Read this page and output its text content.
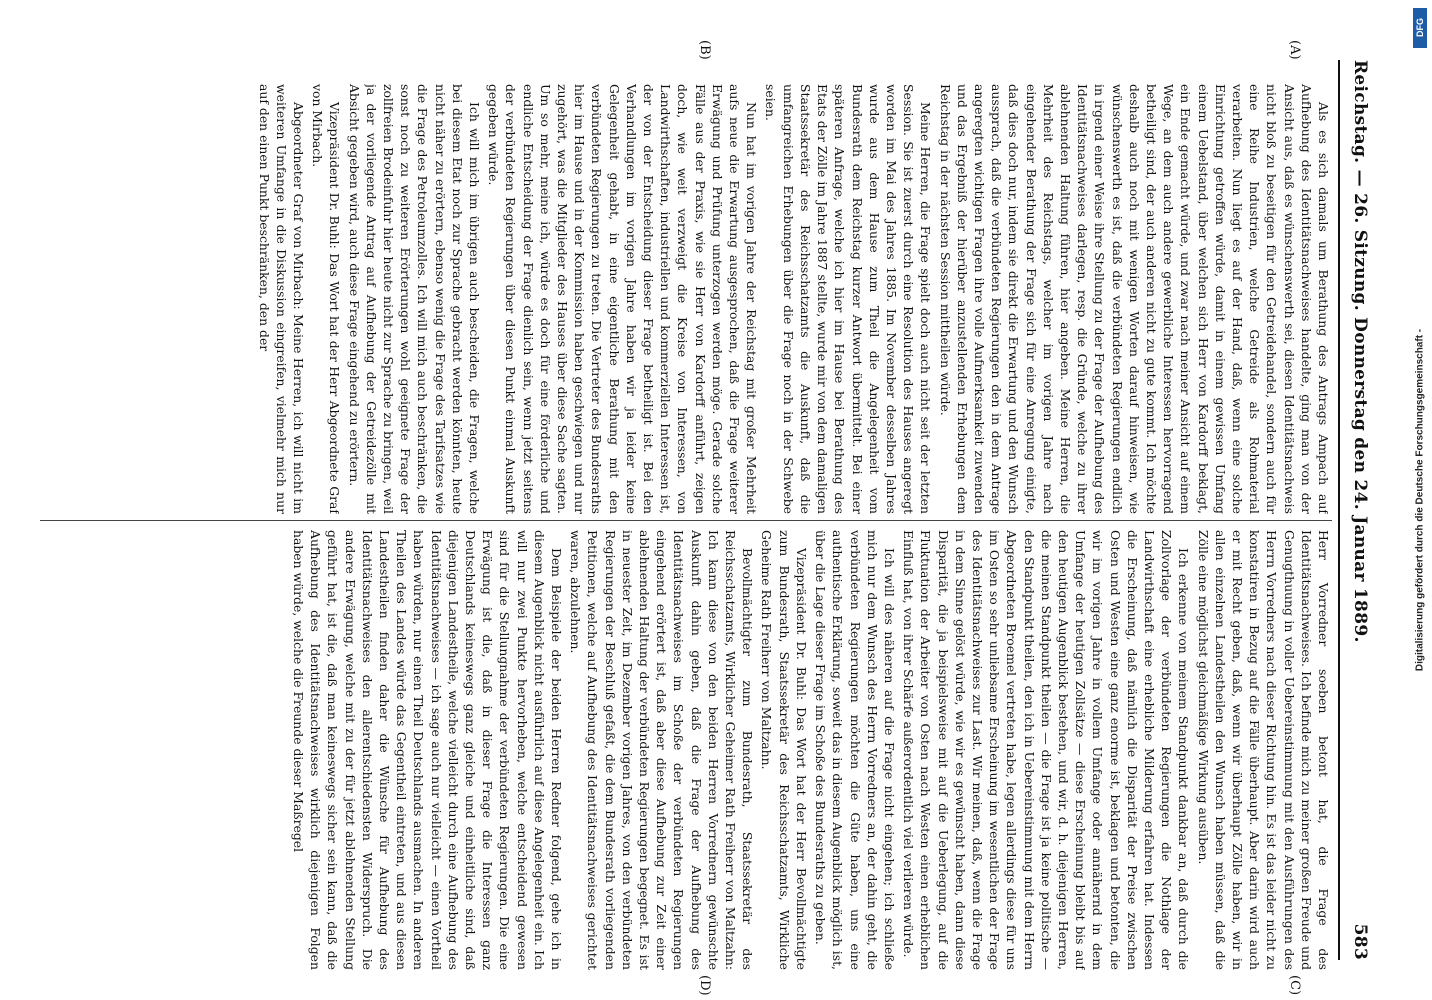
Reichstag. — 26. Sitzung. Donnerstag den 24. Januar 1889.
583
(A)
(B)
(C)
(D)

Als es sich damals um Berathung des Antrags Ampach auf Aufhebung des Identitätsnachweises handelte, ging man von der Ansicht aus, daß es wünschenswerth sei, diesen Identitätsnachweis nicht bloß zu beseitigen für den Getreidehandel, sondern auch für eine Reihe Industrien, welche Getreide als Rohmaterial verarbeiten. Nun liegt es auf der Hand, daß, wenn eine solche Einrichtung getroffen würde, damit in einem gewissen Umfang einem Uebelstand, über welchen sich Herr von Kardorff beklagt, ein Ende gemacht würde, und zwar nach meiner Ansicht auf einem Wege, an dem auch andere gewerbliche Interessen hervorragend betheiligt sind, der auch anderen nicht zu gute kommt. Ich möchte deshalb auch noch mit wenigen Worten darauf hinweisen, wie wünschenswerth es ist, daß die verbündeten Regierungen endlich in irgend einer Weise ihre Stellung zu der Frage der Aufhebung des Identitätsnachweises darlegen, resp. die Gründe, welche zu ihrer ablehnenden Haltung führen, hier angeben. Meine Herren, die Mehrheit des Reichstags, welcher im vorigen Jahre nach eingehender Berathung der Frage sich für eine Anregung einigte, daß dies doch nur, indem sie direkt die Erwartung und den Wunsch aussprach, daß die verbündeten Regierungen den in dem Antrage angeregten wichtigen Fragen ihre volle Aufmerksamkeit zuwenden und das Ergebniß der hierüber anzustellenden Erhebungen dem Reichstag in der nächsten Session mittheilen würde.

Meine Herren, die Frage spielt doch auch nicht seit der letzten Session. Sie ist zuerst durch eine Resolution des Hauses angeregt worden im Mai des Jahres 1885. Im November desselben Jahres wurde aus dem Hause zum Theil die Angelegenheit vom Bundesrath dem Reichstag kurzer Antwort übermittelt. Bei einer späteren Anfrage, welche ich hier im Hause bei Berathung des Etats der Zölle im Jahre 1887 stellte, wurde mir von dem damaligen Staatssekretär des Reichsschatzamts die Auskunft, daß die umfangreichen Erhebungen über die Frage noch in der Schwebe seien.

Nun hat im vorigen Jahre der Reichstag mit großer Mehrheit aufs neue die Erwartung ausgesprochen, daß die Frage weiterer Erwägung und Prüfung unterzogen werden möge. Gerade solche Fälle aus der Praxis, wie sie Herr von Kardorff anführt, zeigen doch, wie weit verzweigt die Kreise von Interessen, von Landwirthschaften, industriellen und kommerziellen Interessen ist, der von der Entscheidung dieser Frage betheiligt ist. Bei den Verhandlungen im vorigen Jahre haben wir ja leider keine Gelegenheit gehabt, in eine eigentliche Berathung mit den verbündeten Regierungen zu treten. Die Vertreter des Bundesraths hier im Hause und in der Kommission haben geschwiegen und nur zugehört, was die Mitglieder des Hauses über diese Sache sagten. Um so mehr, meine ich, würde es doch für eine förderliche und endliche Entscheidung der Frage dienlich sein, wenn jetzt seitens der verbündeten Regierungen über diesen Punkt einmal Auskunft gegeben würde.

Ich will mich im übrigen auch bescheiden, die Fragen, welche bei diesem Etat noch zur Sprache gebracht werden könnten, heute nicht näher zu erörtern, ebenso wenig die Frage des Tarifsatzes wie die Frage des Petroleumzolles. Ich will mich auch beschränken, die sonst noch zu weiteren Erörterungen wohl geeignete Frage der zollfreien Brodeinfuhr hier heute nicht zur Sprache zu bringen, weil ja der vorliegende Antrag auf Aufhebung der Getreidezölle mit Absicht gegeben wird, auch diese Frage eingehend zu erörtern.

Vizepräsident Dr. Buhl: Das Wort hat der Herr Abgeordnete Graf von Mirbach.

Abgeordneter Graf von Mirbach: Meine Herren, ich will nicht im weiteren Umfange in die Diskussion eingreifen, vielmehr mich nur auf den einen Punkt beschränken, den der

Herr Vorredner soeben betont hat, die Frage des Identitätsnachweises. Ich befinde mich zu meiner großen Freude und Genugthuung in voller Uebereinstimmung mit den Ausführungen des Herrn Vorredners nach dieser Richtung hin. Es ist das leider nicht zu konstatiren in Bezug auf die Fälle überhaupt. Aber darin wird auch er mit Recht geben, daß, wenn wir überhaupt Zölle haben, wir in allen einzelnen Landestheilen den Wunsch haben müssen, daß die Zölle eine möglichst gleichmäßige Wirkung ausüben.

Ich erkenne von meinem Standpunkt dankbar an, daß durch die Zollvorlage der verbündeten Regierungen die Nothlage der Landwirthschaft eine erhebliche Milderung erfahren hat. Indessen die Erscheinung, daß nämlich die Disparität der Preise zwischen Osten und Westen eine ganz enorme ist, beklagen und betonten, die wir im vorigen Jahre in vollem Umfange oder annähernd in dem Umfange der heutigen Zollsätze — diese Erscheinung bleibt bis auf den heutigen Augenblick bestehen, und wir, d. h. diejenigen Herren, die meinen Standpunkt theilen — die Frage ist ja keine politische — den Standpunkt theilen, den ich in Uebereinstimmung mit dem Herrn Abgeordneten Broemel vertreten habe, legen allerdings diese für uns im Osten so sehr unliebsame Erscheinung im wesentlichen der Frage des Identitätsnachweises zur Last. Wir meinen, daß, wenn die Frage in dem Sinne gelöst würde, wie wir es gewünscht haben, dann diese Disparität, die ja beispielsweise mit auf die Ueberlegung, auf die Fluktuation der Arbeiter von Osten nach Westen einen erheblichen Einfluß hat, von ihrer Schärfe außerordentlich viel verlieren würde.

Ich will des näheren auf die Frage nicht eingehen; ich schließe mich nur dem Wunsch des Herrn Vorredners an, der dahin geht, die verbündeten Regierungen möchten die Güte haben, uns eine authentische Erklärung, soweit das in diesem Augenblick möglich ist, über die Lage dieser Frage im Schoße des Bundesraths zu geben.

Vizepräsident Dr. Buhl: Das Wort hat der Herr Bevollmächtigte zum Bundesrath, Staatssekretär des Reichsschatzamts, Wirkliche Geheime Rath Freiherr von Maltzahn.

Bevollmächtigter zum Bundesrath, Staatssekretär des Reichsschatzamts, Wirklicher Geheimer Rath Freiherr von Maltzahn: Ich kann diese von den beiden Herren Vorrednern gewünschte Auskunft dahin geben, daß die Frage der Aufhebung des Identitätsnachweises im Schoße der verbündeten Regierungen eingehend erörtert ist, daß aber diese Aufhebung zur Zeit einer ablehnenden Haltung der verbündeten Regierungen begegnet. Es ist in neuester Zeit, im Dezember vorigen Jahres, von den verbündeten Regierungen der Beschluß gefaßt, die dem Bundesrath vorliegenden Petitionen, welche auf Aufhebung des Identitätsnachweises gerichtet waren, abzulehnen.

Dem Beispiele der beiden Herren Redner folgend, gehe ich in diesem Augenblick nicht ausführlich auf diese Angelegenheit ein. Ich will nur zwei Punkte hervorheben, welche entscheidend gewesen sind für die Stellungnahme der verbündeten Regierungen. Die eine Erwägung ist die, daß in dieser Frage die Interessen ganz Deutschlands keineswegs ganz gleiche und einheitliche sind, daß diejenigen Landestheile, welche vielleicht durch eine Aufhebung des Identitätsnachweises — ich sage auch nur vielleicht — einen Vortheil haben würden, nur einen Theil Deutschlands ausmachen. In anderen Theilen des Landes würde das Gegentheil eintreten, und aus diesen Landestheilen finden daher die Wünsche für Aufhebung des Identitätsnachweises den allerentschiedensten Widerspruch. Die andere Erwägung, welche mit zu der für jetzt ablehnenden Stellung geführt hat, ist die, daß man keineswegs sicher sein kann, daß die Aufhebung des Identitätsnachweises wirklich diejenigen Folgen haben würde, welche die Freunde dieser Maßregel

DFG
Digitalisierung gefördert durch die Deutsche Forschungsgemeinschaft -
